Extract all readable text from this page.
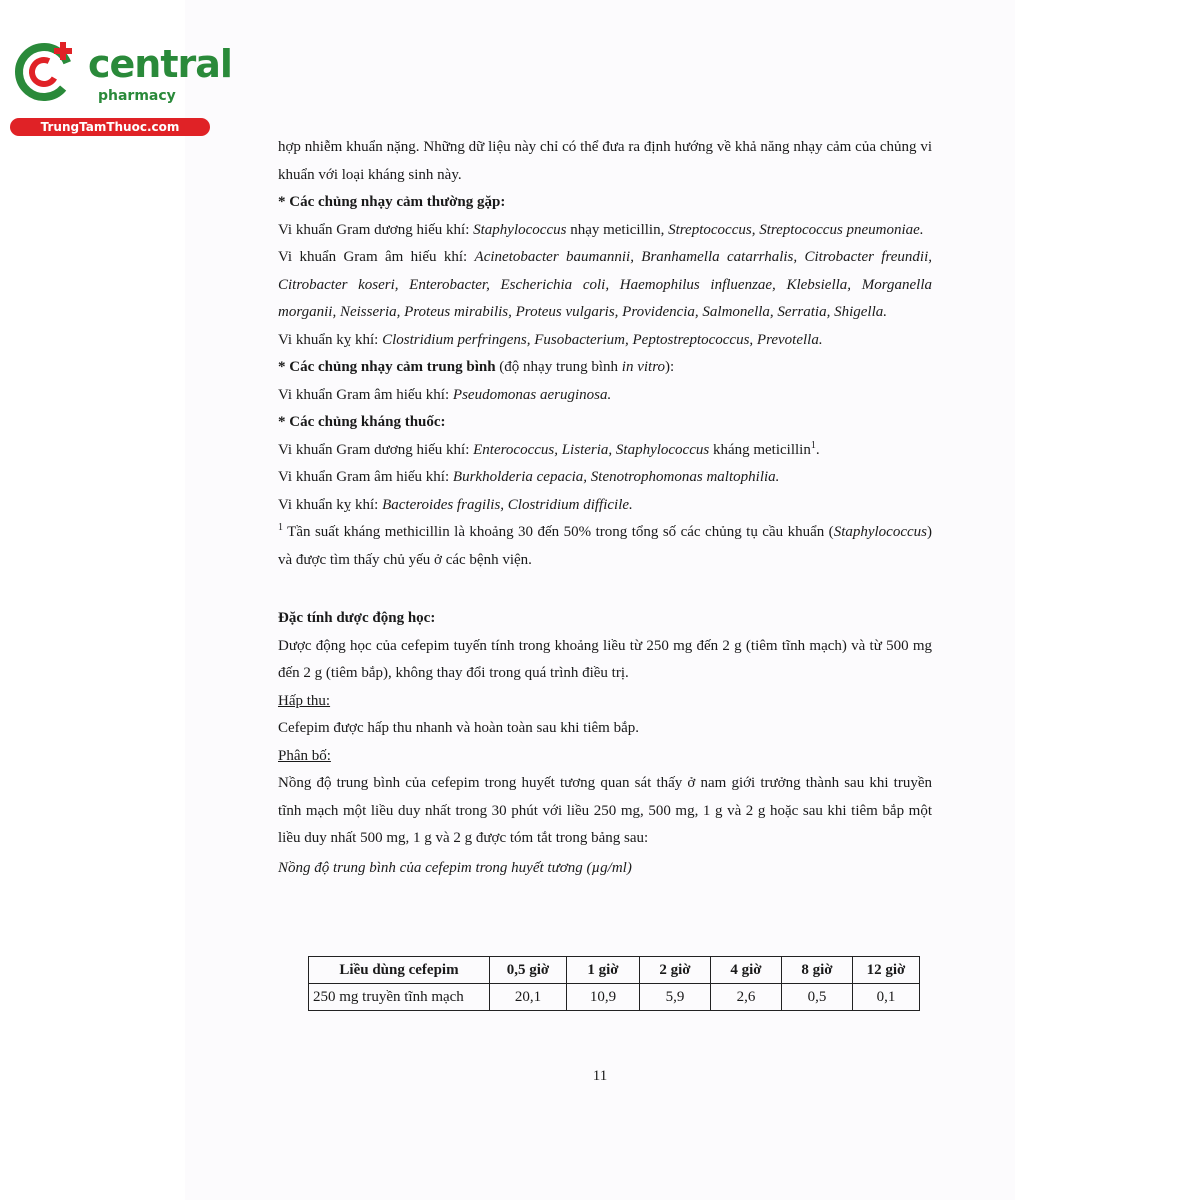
central
pharmacy
TrungTamThuoc.com

hợp nhiễm khuẩn nặng. Những dữ liệu này chỉ có thể đưa ra định hướng về khả năng nhạy cảm của chủng vi khuẩn với loại kháng sinh này.

* Các chủng nhạy cảm thường gặp:

Vi khuẩn Gram dương hiếu khí: Staphylococcus nhạy meticillin, Streptococcus, Streptococcus pneumoniae.

Vi khuẩn Gram âm hiếu khí: Acinetobacter baumannii, Branhamella catarrhalis, Citrobacter freundii, Citrobacter koseri, Enterobacter, Escherichia coli, Haemophilus influenzae, Klebsiella, Morganella morganii, Neisseria, Proteus mirabilis, Proteus vulgaris, Providencia, Salmonella, Serratia, Shigella.

Vi khuẩn kỵ khí: Clostridium perfringens, Fusobacterium, Peptostreptococcus, Prevotella.

* Các chủng nhạy cảm trung bình (độ nhạy trung bình in vitro):

Vi khuẩn Gram âm hiếu khí: Pseudomonas aeruginosa.

* Các chủng kháng thuốc:

Vi khuẩn Gram dương hiếu khí: Enterococcus, Listeria, Staphylococcus kháng meticillin$^1$.

Vi khuẩn Gram âm hiếu khí: Burkholderia cepacia, Stenotrophomonas maltophilia.

Vi khuẩn kỵ khí: Bacteroides fragilis, Clostridium difficile.

$^1$ Tần suất kháng methicillin là khoảng 30 đến 50% trong tổng số các chủng tụ cầu khuẩn (Staphylococcus) và được tìm thấy chủ yếu ở các bệnh viện.

Đặc tính dược động học:

Dược động học của cefepim tuyến tính trong khoảng liều từ 250 mg đến 2 g (tiêm tĩnh mạch) và từ 500 mg đến 2 g (tiêm bắp), không thay đổi trong quá trình điều trị.

Hấp thu:

Cefepim được hấp thu nhanh và hoàn toàn sau khi tiêm bắp.

Phân bố:

Nồng độ trung bình của cefepim trong huyết tương quan sát thấy ở nam giới trưởng thành sau khi truyền tĩnh mạch một liều duy nhất trong 30 phút với liều 250 mg, 500 mg, 1 g và 2 g hoặc sau khi tiêm bắp một liều duy nhất 500 mg, 1 g và 2 g được tóm tắt trong bảng sau:

Nồng độ trung bình của cefepim trong huyết tương (µg/ml)

Liều dùng cefepim	0,5 giờ	1 giờ	2 giờ	4 giờ	8 giờ	12 giờ
250 mg truyền tĩnh mạch	20,1	10,9	5,9	2,6	0,5	0,1
11
